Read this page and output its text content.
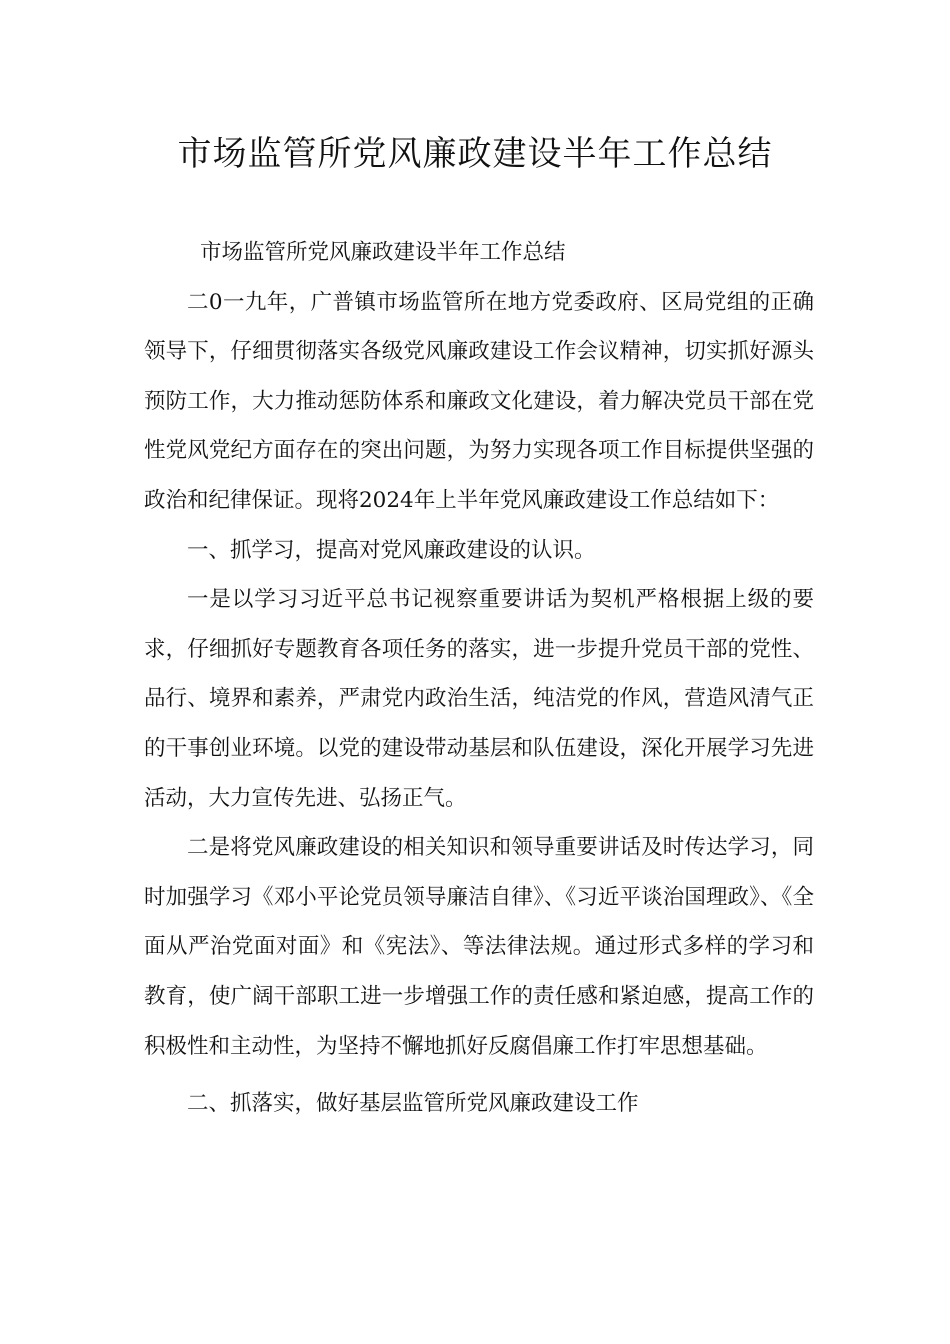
市场监管所党风廉政建设半年工作总结

市场监管所党风廉政建设半年工作总结

二0一九年，广普镇市场监管所在地方党委政府、区局党组的正确领导下，仔细贯彻落实各级党风廉政建设工作会议精神，切实抓好源头预防工作，大力推动惩防体系和廉政文化建设，着力解决党员干部在党性党风党纪方面存在的突出问题，为努力实现各项工作目标提供坚强的政治和纪律保证。现将2024年上半年党风廉政建设工作总结如下：

一、抓学习，提高对党风廉政建设的认识。

一是以学习习近平总书记视察重要讲话为契机严格根据上级的要求，仔细抓好专题教育各项任务的落实，进一步提升党员干部的党性、品行、境界和素养，严肃党内政治生活，纯洁党的作风，营造风清气正的干事创业环境。以党的建设带动基层和队伍建设，深化开展学习先进活动，大力宣传先进、弘扬正气。

二是将党风廉政建设的相关知识和领导重要讲话及时传达学习，同时加强学习《邓小平论党员领导廉洁自律》、《习近平谈治国理政》、《全面从严治党面对面》和《宪法》、等法律法规。通过形式多样的学习和教育，使广阔干部职工进一步增强工作的责任感和紧迫感，提高工作的积极性和主动性，为坚持不懈地抓好反腐倡廉工作打牢思想基础。

二、抓落实，做好基层监管所党风廉政建设工作
